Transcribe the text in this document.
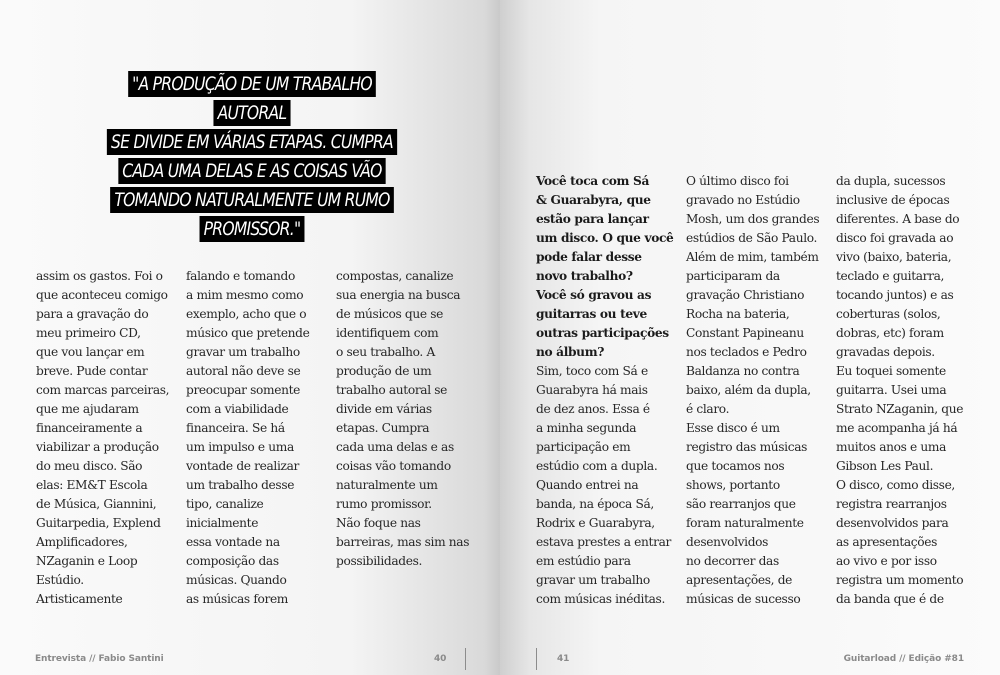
"A PRODUÇÃO DE UM TRABALHO AUTORAL
SE DIVIDE EM VÁRIAS ETAPAS. CUMPRA
CADA UMA DELAS E AS COISAS VÃO
TOMANDO NATURALMENTE UM RUMO
PROMISSOR."
assim os gastos. Foi o
que aconteceu comigo
para a gravação do
meu primeiro CD,
que vou lançar em
breve. Pude contar
com marcas parceiras,
que me ajudaram
financeiramente a
viabilizar a produção
do meu disco. São
elas: EM&T Escola
de Música, Giannini,
Guitarpedia, Explend
Amplificadores,
NZaganin e Loop
Estúdio.
Artisticamente
falando e tomando
a mim mesmo como
exemplo, acho que o
músico que pretende
gravar um trabalho
autoral não deve se
preocupar somente
com a viabilidade
financeira. Se há
um impulso e uma
vontade de realizar
um trabalho desse
tipo, canalize
inicialmente
essa vontade na
composição das
músicas. Quando
as músicas forem
compostas, canalize
sua energia na busca
de músicos que se
identifiquem com
o seu trabalho. A
produção de um
trabalho autoral se
divide em várias
etapas. Cumpra
cada uma delas e as
coisas vão tomando
naturalmente um
rumo promissor.
Não foque nas
barreiras, mas sim nas
possibilidades.
Entrevista // Fabio Santini	40
Você toca com Sá
& Guarabyra, que
estão para lançar
um disco. O que você
pode falar desse
novo trabalho?
Você só gravou as
guitarras ou teve
outras participações
no álbum?
Sim, toco com Sá e
Guarabyra há mais
de dez anos. Essa é
a minha segunda
participação em
estúdio com a dupla.
Quando entrei na
banda, na época Sá,
Rodrix e Guarabyra,
estava prestes a entrar
em estúdio para
gravar um trabalho
com músicas inéditas.
O último disco foi
gravado no Estúdio
Mosh, um dos grandes
estúdios de São Paulo.
Além de mim, também
participaram da
gravação Christiano
Rocha na bateria,
Constant Papineanu
nos teclados e Pedro
Baldanza no contra
baixo, além da dupla,
é claro.
Esse disco é um
registro das músicas
que tocamos nos
shows, portanto
são rearranjos que
foram naturalmente
desenvolvidos
no decorrer das
apresentações, de
músicas de sucesso
da dupla, sucessos
inclusive de épocas
diferentes. A base do
disco foi gravada ao
vivo (baixo, bateria,
teclado e guitarra,
tocando juntos) e as
coberturas (solos,
dobras, etc) foram
gravadas depois.
Eu toquei somente
guitarra. Usei uma
Strato NZaganin, que
me acompanha já há
muitos anos e uma
Gibson Les Paul.
O disco, como disse,
registra rearranjos
desenvolvidos para
as apresentações
ao vivo e por isso
registra um momento
da banda que é de
41	Guitarload // Edição #81
